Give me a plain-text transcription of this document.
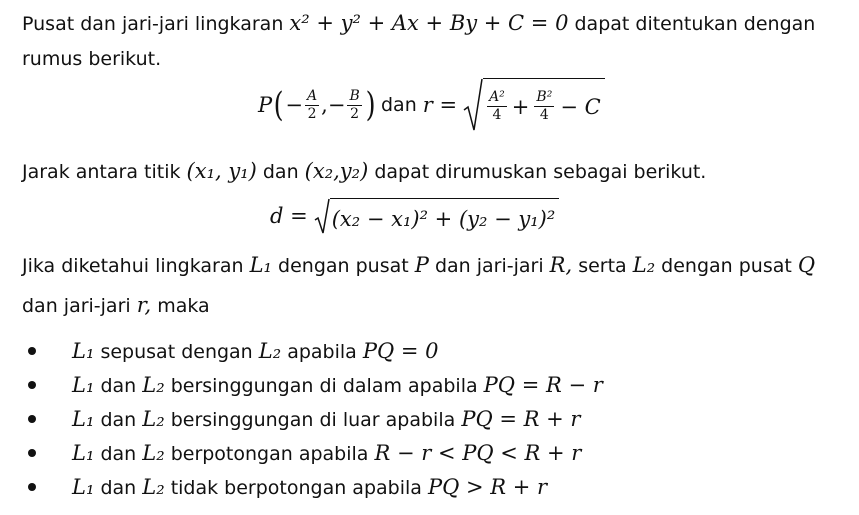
Pusat dan jari-jari lingkaran x² + y² + Ax + By + C = 0 dapat ditentukan dengan
rumus berikut.
P ( − $\frac{A}{2}$ , − $\frac{B}{2}$ ) dan $r = \frac{\text{A²}}{4} + \frac{\text{B²}}{4} - C$
Jarak antara titik (x₁, y₁) dan (x₂,y₂) dapat dirumuskan sebagai berikut.
d = (x₂ − x₁)² + (y₂ − y₁)²
Jika diketahui lingkaran L₁ dengan pusat P dan jari-jari R, serta L₂ dengan pusat Q
dan jari-jari r, maka
L₁ sepusat dengan L₂ apabila PQ = 0
L₁ dan L₂ bersinggungan di dalam apabila PQ = R − r
L₁ dan L₂ bersinggungan di luar apabila PQ = R + r
L₁ dan L₂ berpotongan apabila R − r < PQ < R + r
L₁ dan L₂ tidak berpotongan apabila PQ > R + r
